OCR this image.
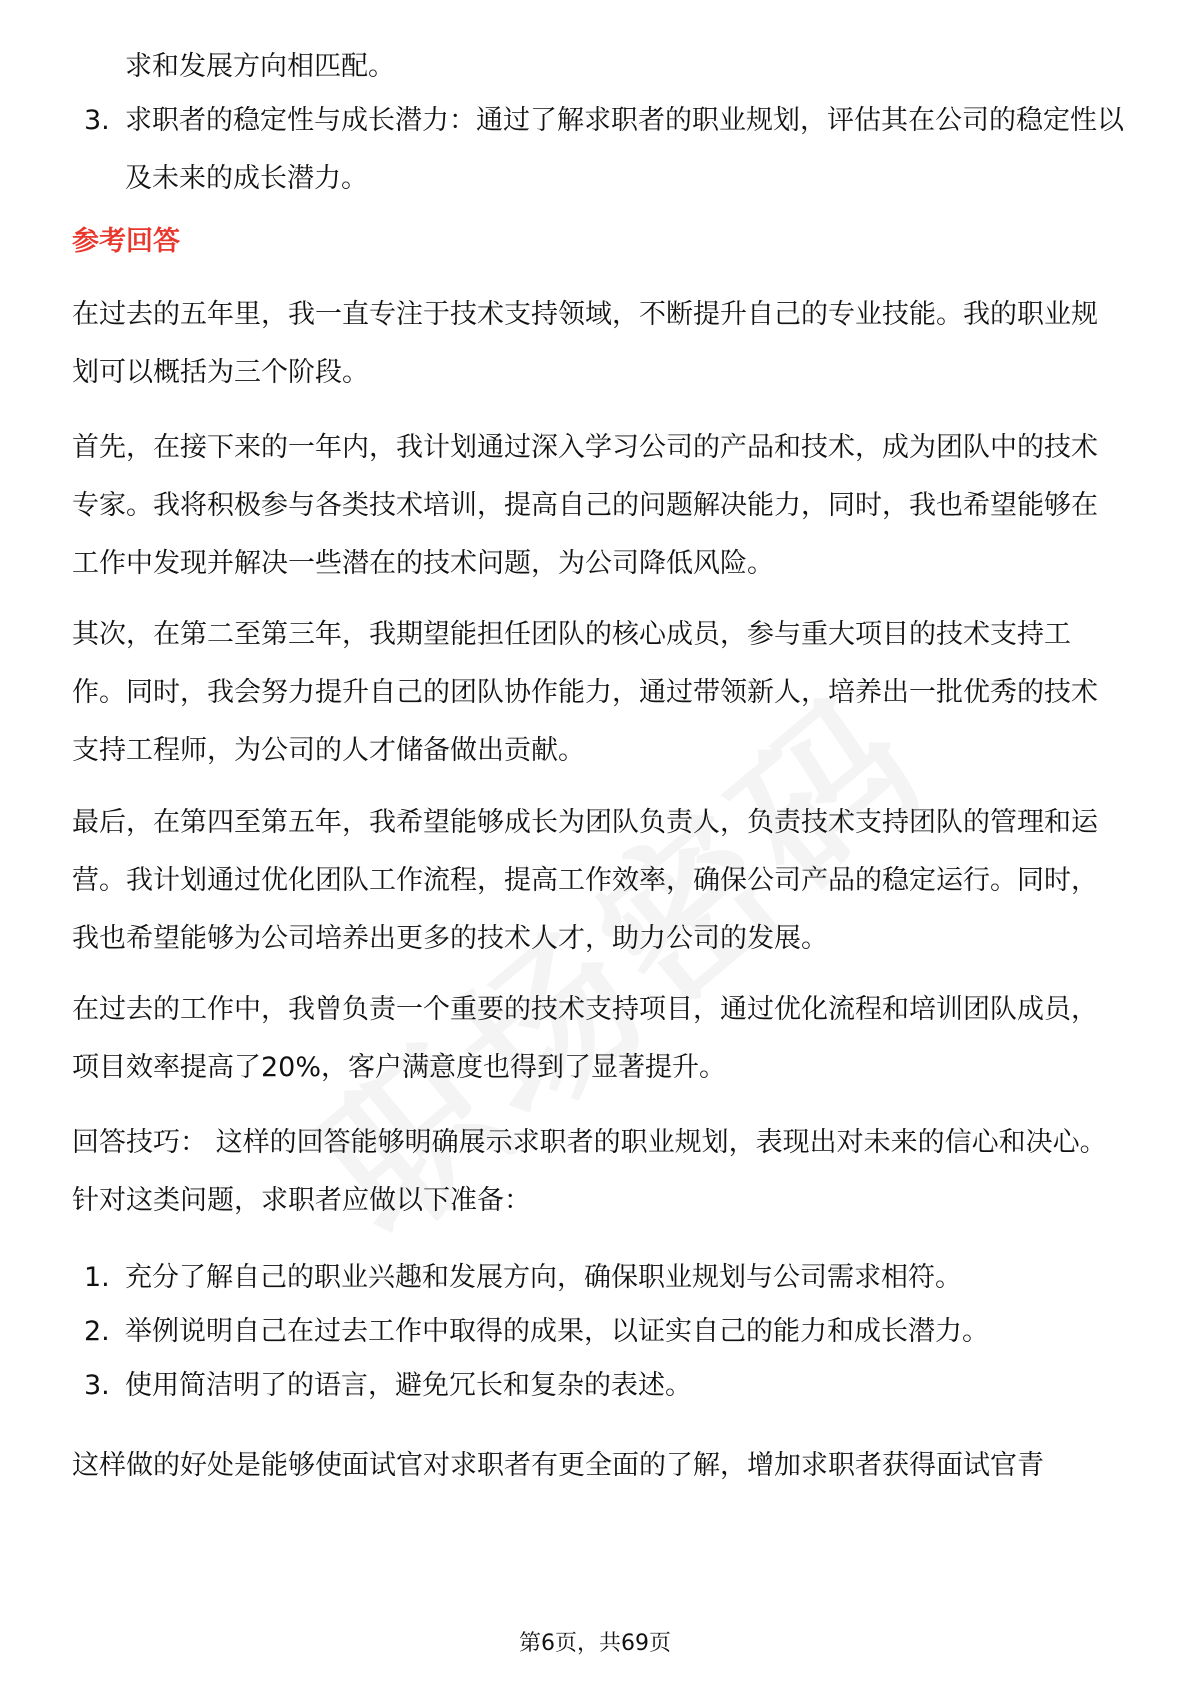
求和发展方向相匹配。
3. 求职者的稳定性与成长潜力：通过了解求职者的职业规划，评估其在公司的稳定性以及未来的成长潜力。
参考回答
在过去的五年里，我一直专注于技术支持领域，不断提升自己的专业技能。我的职业规划可以概括为三个阶段。
首先，在接下来的一年内，我计划通过深入学习公司的产品和技术，成为团队中的技术专家。我将积极参与各类技术培训，提高自己的问题解决能力，同时，我也希望能够在工作中发现并解决一些潜在的技术问题，为公司降低风险。
其次，在第二至第三年，我期望能担任团队的核心成员，参与重大项目的技术支持工作。同时，我会努力提升自己的团队协作能力，通过带领新人，培养出一批优秀的技术支持工程师，为公司的人才储备做出贡献。
最后，在第四至第五年，我希望能够成长为团队负责人，负责技术支持团队的管理和运营。我计划通过优化团队工作流程，提高工作效率，确保公司产品的稳定运行。同时，我也希望能够为公司培养出更多的技术人才，助力公司的发展。
在过去的工作中，我曾负责一个重要的技术支持项目，通过优化流程和培训团队成员，项目效率提高了20%，客户满意度也得到了显著提升。
回答技巧： 这样的回答能够明确展示求职者的职业规划，表现出对未来的信心和决心。针对这类问题，求职者应做以下准备：
1. 充分了解自己的职业兴趣和发展方向，确保职业规划与公司需求相符。
2. 举例说明自己在过去工作中取得的成果，以证实自己的能力和成长潜力。
3. 使用简洁明了的语言，避免冗长和复杂的表述。
这样做的好处是能够使面试官对求职者有更全面的了解，增加求职者获得面试官青
第6页，共69页
